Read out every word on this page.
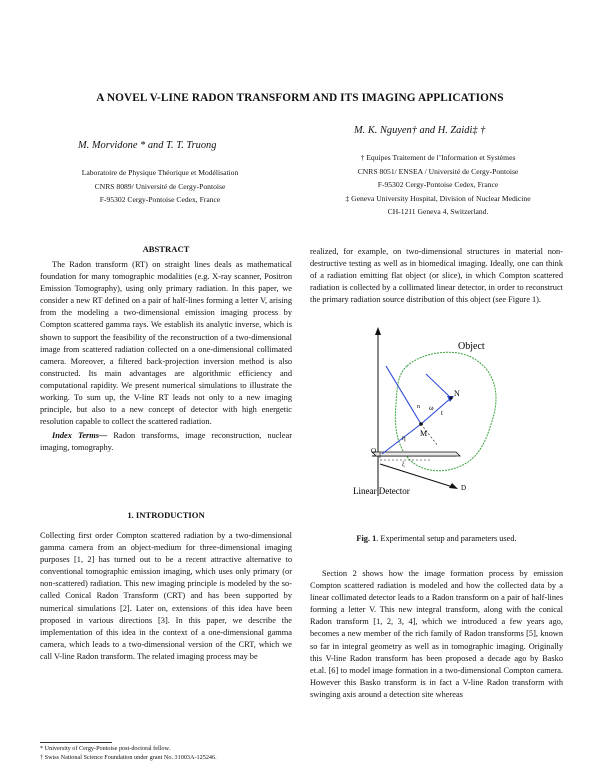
A NOVEL V-LINE RADON TRANSFORM AND ITS IMAGING APPLICATIONS
M. Morvidone * and T. T. Truong
M. K. Nguyen† and H. Zaidi‡ †
Laboratoire de Physique Théorique et Modélisation
CNRS 8089/ Université de Cergy-Pontoise
F-95302 Cergy-Pontoise Cedex, France
† Equipes Traitement de l’Information et Systèmes
CNRS 8051/ ENSEA / Université de Cergy-Pontoise
F-95302 Cergy-Pontoise Cedex, France
‡ Geneva University Hospital, Division of Nuclear Medicine
CH-1211 Geneva 4, Switzerland.
ABSTRACT

The Radon transform (RT) on straight lines deals as mathematical foundation for many tomographic modalities (e.g. X-ray scanner, Positron Emission Tomography), using only primary radiation. In this paper, we consider a new RT defined on a pair of half-lines forming a letter V, arising from the modeling a two-dimensional emission imaging process by Compton scattered gamma rays. We establish its analytic inverse, which is shown to support the feasibility of the reconstruction of a two-dimensional image from scattered radiation collected on a one-dimensional collimated camera. Moreover, a filtered back-projection inversion method is also constructed. Its main advantages are algorithmic efficiency and computational rapidity. We present numerical simulations to illustrate the working. To sum up, the V-line RT leads not only to a new imaging principle, but also to a new concept of detector with high energetic resolution capable to collect the scattered radiation.

Index Terms— Radon transforms, image reconstruction, nuclear imaging, tomography.

1. INTRODUCTION

Collecting first order Compton scattered radiation by a two-dimensional gamma camera from an object-medium for three-dimensional imaging purposes [1, 2] has turned out to be a recent attractive alternative to conventional tomographic emission imaging, which uses only primary (or non-scattered) radiation. This new imaging principle is modeled by the so-called Conical Radon Transform (CRT) and has been supported by numerical simulations [2]. Later on, extensions of this idea have been proposed in various directions [3]. In this paper, we describe the implementation of this idea in the context of a one-dimensional gamma camera, which leads to a two-dimensional version of the CRT, which we call V-line Radon transform. The related imaging process may be

* University of Cergy-Pontoise post-doctoral fellow.
† Swiss National Science Foundation under grant No. 31003A-125246.

realized, for example, on two-dimensional structures in material non-destructive testing as well as in biomedical imaging. Ideally, one can think of a radiation emitting flat object (or slice), in which Compton scattered radiation is collected by a collimated linear detector, in order to reconstruct the primary radiation source distribution of this object (see Figure 1).

Object
Linear Detector
N
M
O
D
ω
t
η
ξ
n
Fig. 1. Experimental setup and parameters used.

Section 2 shows how the image formation process by emission Compton scattered radiation is modeled and how the collected data by a linear collimated detector leads to a Radon transform on a pair of half-lines forming a letter V. This new integral transform, along with the conical Radon transform [1, 2, 3, 4], which we introduced a few years ago, becomes a new member of the rich family of Radon transforms [5], known so far in integral geometry as well as in tomographic imaging. Originally this V-line Radon transform has been proposed a decade ago by Basko et.al. [6] to model image formation in a two-dimensional Compton camera. However this Basko transform is in fact a V-line Radon transform with swinging axis around a detection site whereas
